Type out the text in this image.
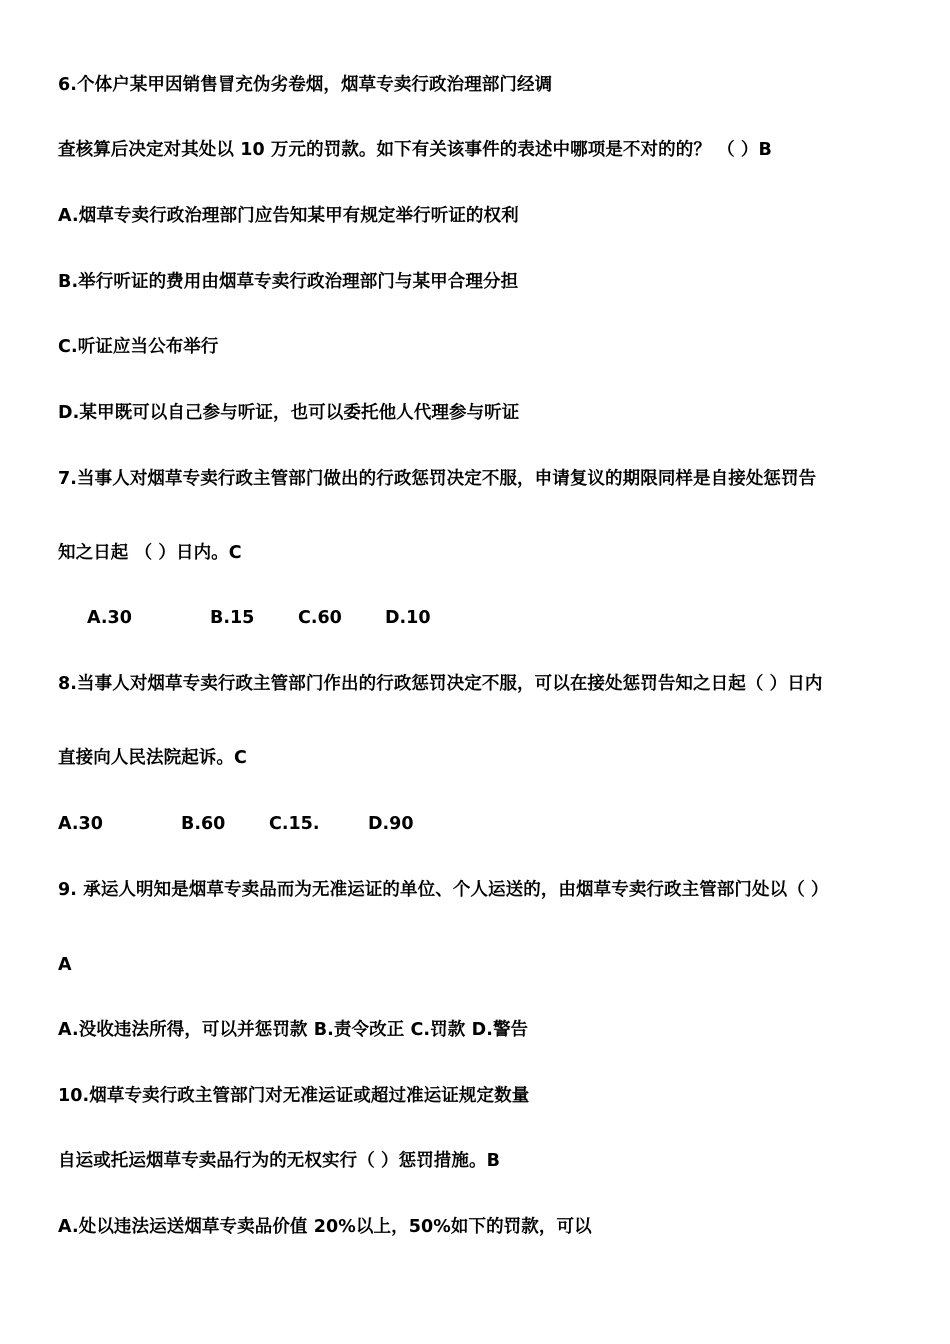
6.个体户某甲因销售冒充伪劣卷烟，烟草专卖行政治理部门经调
查核算后决定对其处以 10 万元的罚款。如下有关该事件的表述中哪项是不对的的？ （ ）B
A.烟草专卖行政治理部门应告知某甲有规定举行听证的权利
B.举行听证的费用由烟草专卖行政治理部门与某甲合理分担
C.听证应当公布举行
D.某甲既可以自己参与听证，也可以委托他人代理参与听证
7.当事人对烟草专卖行政主管部门做出的行政惩罚决定不服，申请复议的期限同样是自接处惩罚告
知之日起 （ ）日内。C
A.30	B.15 C.60 D.10
8.当事人对烟草专卖行政主管部门作出的行政惩罚决定不服，可以在接处惩罚告知之日起（ ）日内
直接向人民法院起诉。C
A.30	B.60 C.15.	D.90
9. 承运人明知是烟草专卖品而为无准运证的单位、个人运送的，由烟草专卖行政主管部门处以（ ）
A
A.没收违法所得，可以并惩罚款 B.责令改正 C.罚款 D.警告
10.烟草专卖行政主管部门对无准运证或超过准运证规定数量
自运或托运烟草专卖品行为的无权实行（ ）惩罚措施。B
A.处以违法运送烟草专卖品价值 20%以上，50%如下的罚款，可以
